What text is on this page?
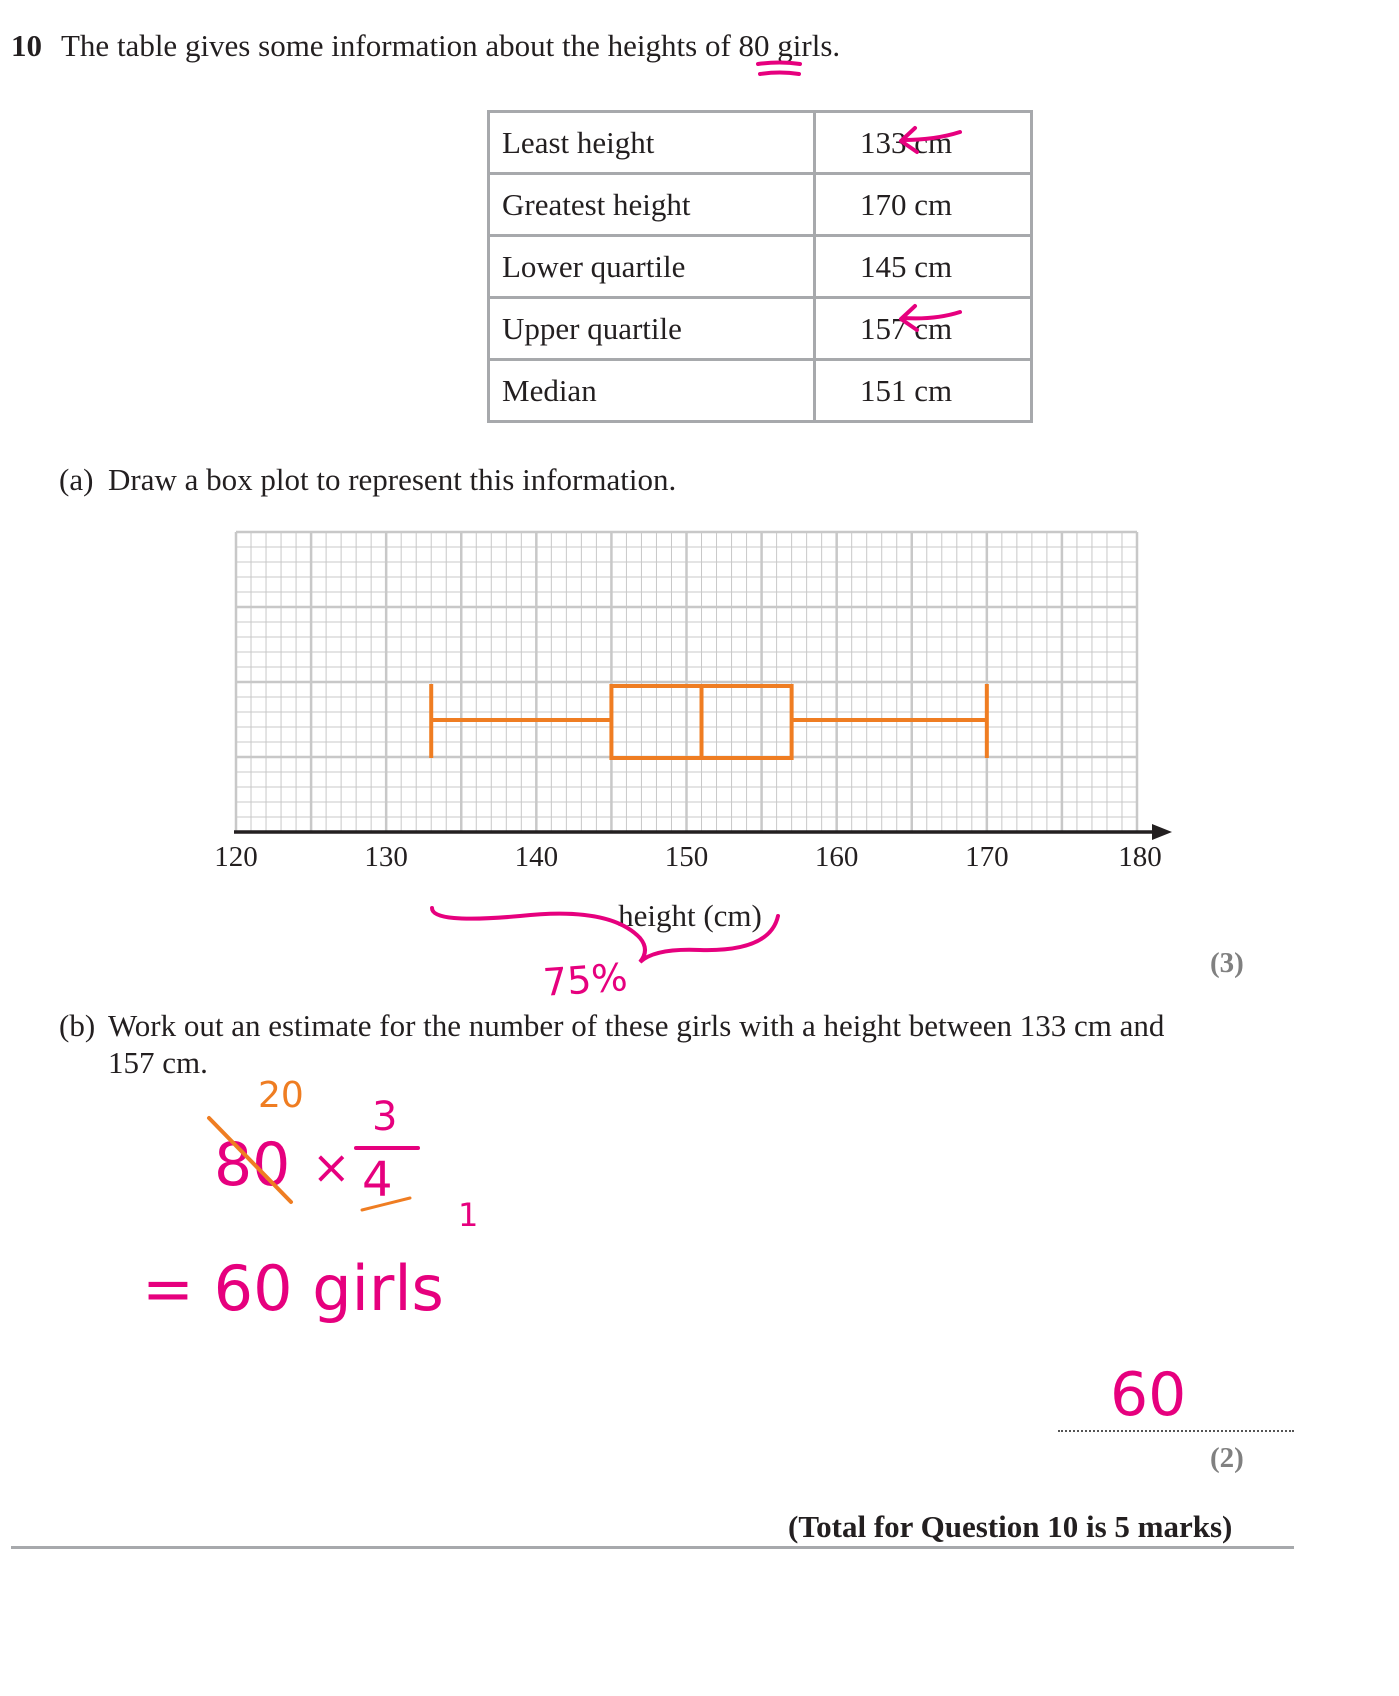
10 The table gives some information about the heights of 80 girls.
Least height	133 cm
Greatest height	170 cm
Lower quartile	145 cm
Upper quartile	157 cm
Median	151 cm
(a) Draw a box plot to represent this information.
120	130	140	150	160	170	180
height (cm)
75%	(3)
(b) Work out an estimate for the number of these girls with a height between 133 cm and
157 cm.
20
80 ×
3
4
1
= 60 girls
60
(2)
(Total for Question 10 is 5 marks)
